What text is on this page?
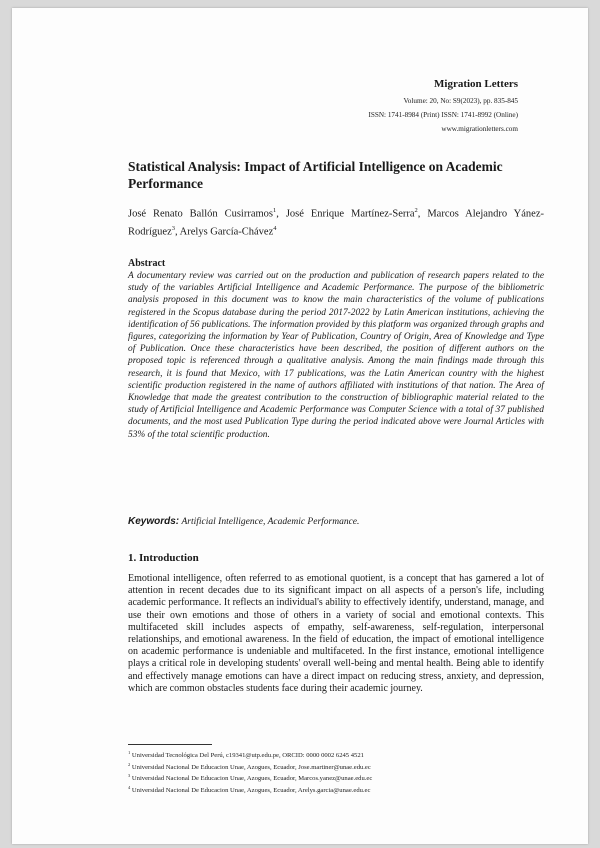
Migration Letters
Volume: 20, No: S9(2023), pp. 835-845
ISSN: 1741-8984 (Print) ISSN: 1741-8992 (Online)
www.migrationletters.com
Statistical Analysis: Impact of Artificial Intelligence on Academic Performance
José Renato Ballón Cusirramos$^1$, José Enrique Martínez-Serra$^2$, Marcos Alejandro Yánez-Rodríguez$^3$, Arelys García-Chávez$^4$
Abstract
A documentary review was carried out on the production and publication of research papers related to the study of the variables Artificial Intelligence and Academic Performance. The purpose of the bibliometric analysis proposed in this document was to know the main characteristics of the volume of publications registered in the Scopus database during the period 2017-2022 by Latin American institutions, achieving the identification of 56 publications. The information provided by this platform was organized through graphs and figures, categorizing the information by Year of Publication, Country of Origin, Area of Knowledge and Type of Publication. Once these characteristics have been described, the position of different authors on the proposed topic is referenced through a qualitative analysis. Among the main findings made through this research, it is found that Mexico, with 17 publications, was the Latin American country with the highest scientific production registered in the name of authors affiliated with institutions of that nation. The Area of Knowledge that made the greatest contribution to the construction of bibliographic material related to the study of Artificial Intelligence and Academic Performance was Computer Science with a total of 37 published documents, and the most used Publication Type during the period indicated above were Journal Articles with 53% of the total scientific production.
Keywords: Artificial Intelligence, Academic Performance.
1. Introduction
Emotional intelligence, often referred to as emotional quotient, is a concept that has garnered a lot of attention in recent decades due to its significant impact on all aspects of a person's life, including academic performance. It reflects an individual's ability to effectively identify, understand, manage, and use their own emotions and those of others in a variety of social and emotional contexts. This multifaceted skill includes aspects of empathy, self-awareness, self-regulation, interpersonal relationships, and emotional awareness. In the field of education, the impact of emotional intelligence on academic performance is undeniable and multifaceted. In the first instance, emotional intelligence plays a critical role in developing students' overall well-being and mental health. Being able to identify and effectively manage emotions can have a direct impact on reducing stress, anxiety, and depression, which are common obstacles students face during their academic journey.
$^1$ Universidad Tecnológica Del Perú, c19341@utp.edu.pe, ORCID: 0000 0002 6245 4521
$^2$ Universidad Nacional De Educacion Unae, Azogues, Ecuador, Jose.martiner@unae.edu.ec
$^3$ Universidad Nacional De Educacion Unae, Azogues, Ecuador, Marcos.yanez@unae.edu.ec
$^4$ Universidad Nacional De Educacion Unae, Azogues, Ecuador, Arelys.garcia@unae.edu.ec
